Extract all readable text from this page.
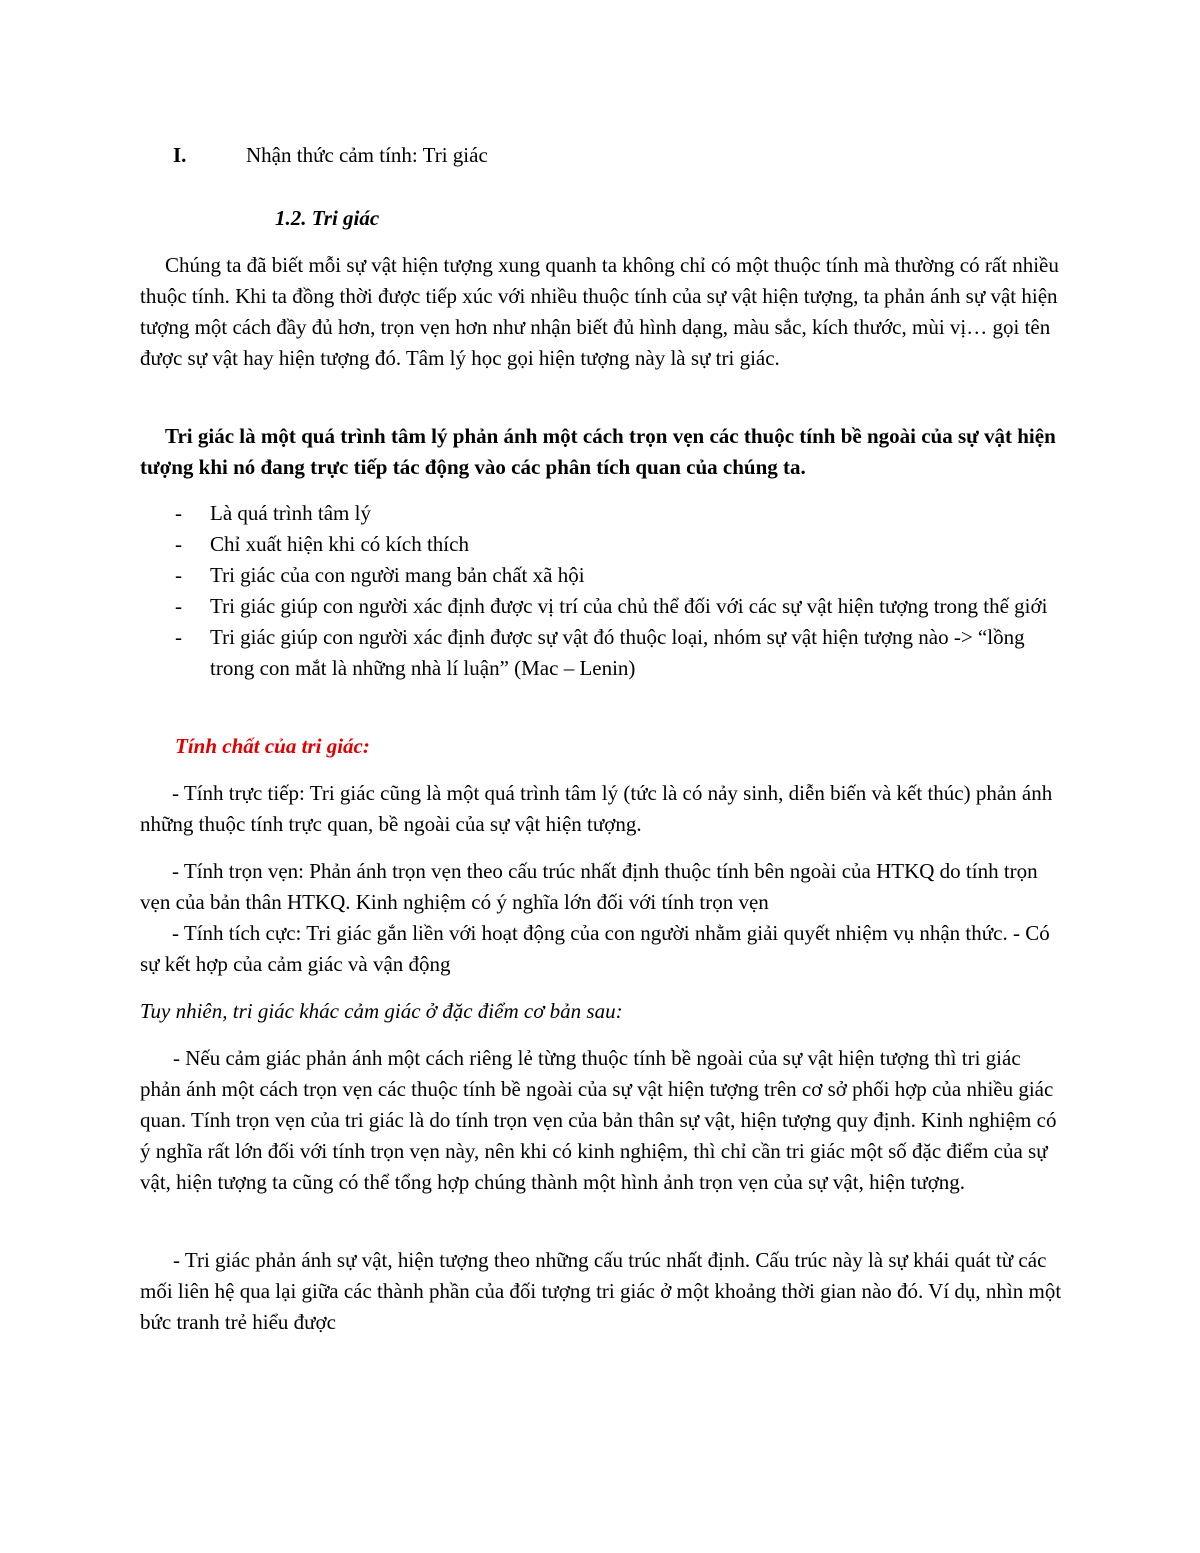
I.	Nhận thức cảm tính: Tri giác
1.2. Tri giác

Chúng ta đã biết mỗi sự vật hiện tượng xung quanh ta không chỉ có một thuộc tính mà thường có rất nhiều thuộc tính. Khi ta đồng thời được tiếp xúc với nhiều thuộc tính của sự vật hiện tượng, ta phản ánh sự vật hiện tượng một cách đầy đủ hơn, trọn vẹn hơn như nhận biết đủ hình dạng, màu sắc, kích thước, mùi vị… gọi tên được sự vật hay hiện tượng đó. Tâm lý học gọi hiện tượng này là sự tri giác.

Tri giác là một quá trình tâm lý phản ánh một cách trọn vẹn các thuộc tính bề ngoài của sự vật hiện tượng khi nó đang trực tiếp tác động vào các phân tích quan của chúng ta.

- Là quá trình tâm lý
- Chỉ xuất hiện khi có kích thích
- Tri giác của con người mang bản chất xã hội
- Tri giác giúp con người xác định được vị trí của chủ thể đối với các sự vật hiện tượng trong thế giới
- Tri giác giúp con người xác định được sự vật đó thuộc loại, nhóm sự vật hiện tượng nào -> “lồng trong con mắt là những nhà lí luận” (Mac – Lenin)
Tính chất của tri giác:

- Tính trực tiếp: Tri giác cũng là một quá trình tâm lý (tức là có nảy sinh, diễn biến và kết thúc) phản ánh những thuộc tính trực quan, bề ngoài của sự vật hiện tượng.

- Tính trọn vẹn: Phản ánh trọn vẹn theo cấu trúc nhất định thuộc tính bên ngoài của HTKQ do tính trọn vẹn của bản thân HTKQ. Kinh nghiệm có ý nghĩa lớn đối với tính trọn vẹn

- Tính tích cực: Tri giác gắn liền với hoạt động của con người nhằm giải quyết nhiệm vụ nhận thức. - Có sự kết hợp của cảm giác và vận động

Tuy nhiên, tri giác khác cảm giác ở đặc điểm cơ bản sau:

- Nếu cảm giác phản ánh một cách riêng lẻ từng thuộc tính bề ngoài của sự vật hiện tượng thì tri giác phản ánh một cách trọn vẹn các thuộc tính bề ngoài của sự vật hiện tượng trên cơ sở phối hợp của nhiều giác quan. Tính trọn vẹn của tri giác là do tính trọn vẹn của bản thân sự vật, hiện tượng quy định. Kinh nghiệm có ý nghĩa rất lớn đối với tính trọn vẹn này, nên khi có kinh nghiệm, thì chỉ cần tri giác một số đặc điểm của sự vật, hiện tượng ta cũng có thể tổng hợp chúng thành một hình ảnh trọn vẹn của sự vật, hiện tượng.

- Tri giác phản ánh sự vật, hiện tượng theo những cấu trúc nhất định. Cấu trúc này là sự khái quát từ các mối liên hệ qua lại giữa các thành phần của đối tượng tri giác ở một khoảng thời gian nào đó. Ví dụ, nhìn một bức tranh trẻ hiểu được
